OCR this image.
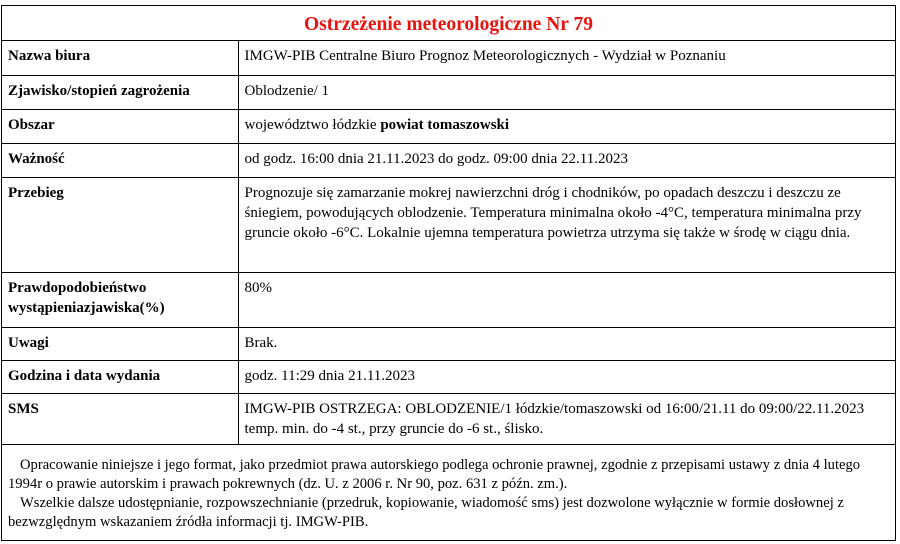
Ostrzeżenie meteorologiczne Nr 79
Nazwa biura	IMGW-PIB Centralne Biuro Prognoz Meteorologicznych - Wydział w Poznaniu
Zjawisko/stopień zagrożenia	Oblodzenie/ 1
Obszar	województwo łódzkie powiat tomaszowski
Ważność	od godz. 16:00 dnia 21.11.2023 do godz. 09:00 dnia 22.11.2023
Przebieg	Prognozuje się zamarzanie mokrej nawierzchni dróg i chodników, po opadach deszczu i deszczu ze śniegiem, powodujących oblodzenie. Temperatura minimalna około -4°C, temperatura minimalna przy gruncie około -6°C. Lokalnie ujemna temperatura powietrza utrzyma się także w środę w ciągu dnia.
Prawdopodobieństwo wystąpieniazjawiska(%)	80%
Uwagi	Brak.
Godzina i data wydania	godz. 11:29 dnia 21.11.2023
SMS	IMGW-PIB OSTRZEGA: OBLODZENIE/1 łódzkie/tomaszowski od 16:00/21.11 do 09:00/22.11.2023 temp. min. do -4 st., przy gruncie do -6 st., ślisko.

Opracowanie niniejsze i jego format, jako przedmiot prawa autorskiego podlega ochronie prawnej, zgodnie z przepisami ustawy z dnia 4 lutego 1994r o prawie autorskim i prawach pokrewnych (dz. U. z 2006 r. Nr 90, poz. 631 z późn. zm.).

Wszelkie dalsze udostępnianie, rozpowszechnianie (przedruk, kopiowanie, wiadomość sms) jest dozwolone wyłącznie w formie dosłownej z bezwzględnym wskazaniem źródła informacji tj. IMGW-PIB.
